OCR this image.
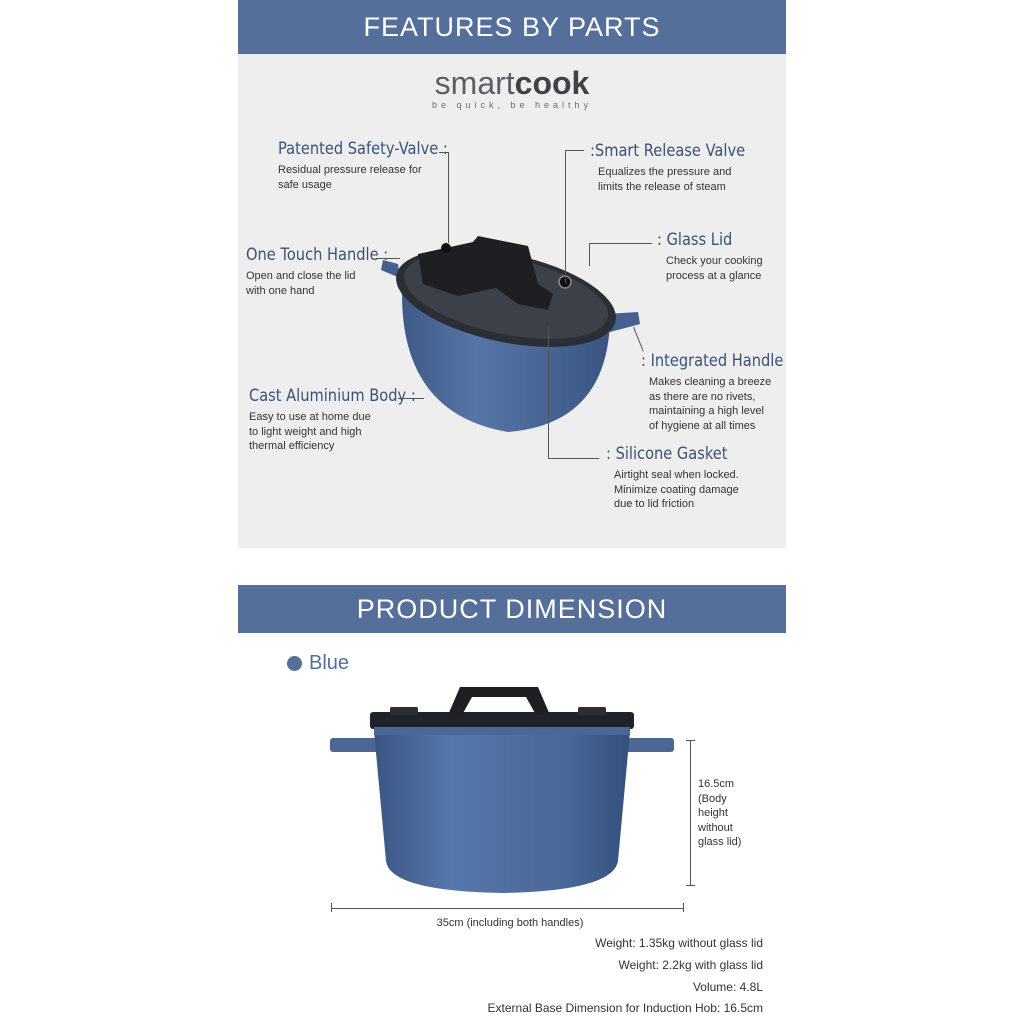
FEATURES BY PARTS
smartcook
be quick, be healthy
Patented Safety-Valve :
Residual pressure release for
safe usage
:Smart Release Valve
Equalizes the pressure and
limits the release of steam
One Touch Handle :
Open and close the lid
with one hand
: Glass Lid
Check your cooking
process at a glance
: Integrated Handle
Makes cleaning a breeze
as there are no rivets,
maintaining a high level
of hygiene at all times
Cast Aluminium Body :
Easy to use at home due
to light weight and high
thermal efficiency	: Silicone Gasket
Airtight seal when locked.
Minimize coating damage
due to lid friction
PRODUCT DIMENSION
Blue
16.5cm
(Body
height
without
glass lid)
35cm (including both handles)
Weight: 1.35kg without glass lid
Weight: 2.2kg with glass lid
Volume: 4.8L
External Base Dimension for Induction Hob: 16.5cm
